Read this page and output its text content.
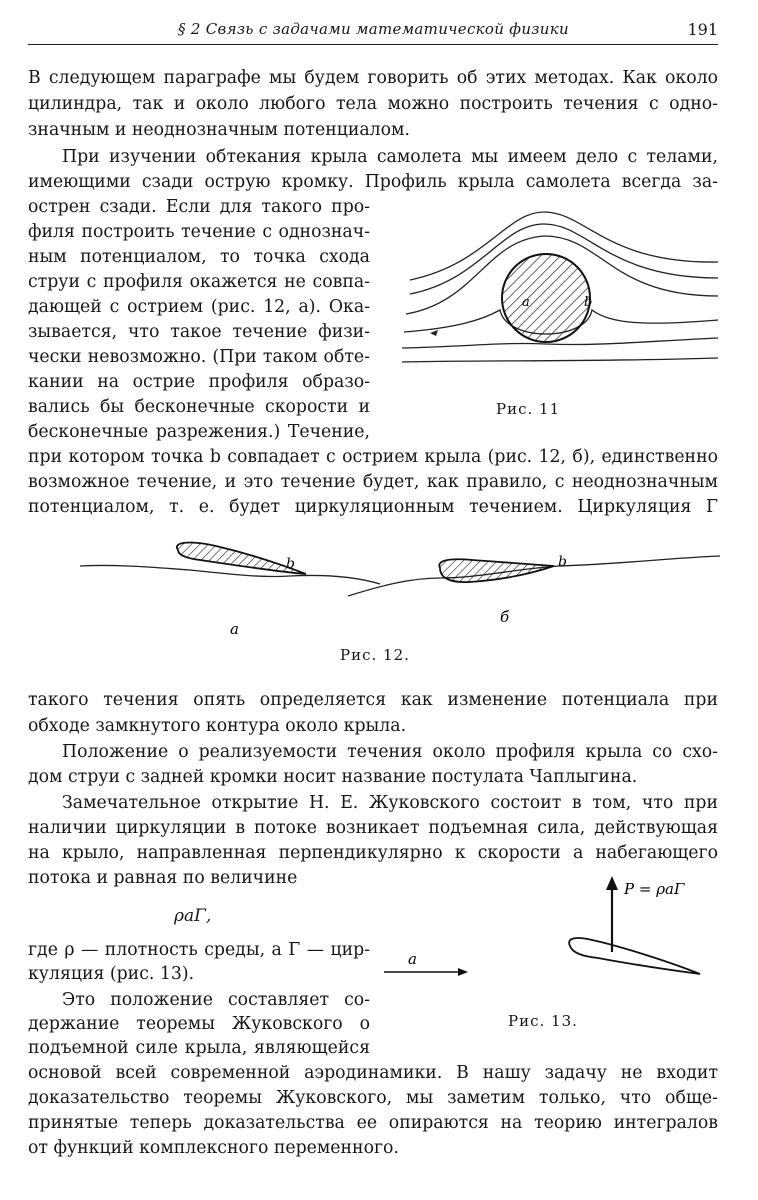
§ 2 Связь с задачами математической физики	191
В следующем параграфе мы будем говорить об этих методах. Как около
цилиндра, так и около любого тела можно построить течения с одно-
значным и неоднозначным потенциалом.
При изучении обтекания крыла самолета мы имеем дело с телами,
имеющими сзади острую кромку. Профиль крыла самолета всегда за-
острен сзади. Если для такого про-
филя построить течение с однознач-
ным потенциалом, то точка схода
струи с профиля окажется не совпа-
дающей с острием (рис. 12, a). Ока-
зывается, что такое течение физи-
чески невозможно. (При таком обте-
кании на острие профиля образо-
вались бы бесконечные скорости и
бесконечные разрежения.) Течение,
при котором точка b совпадает с острием крыла (рис. 12, б), единственно
возможное течение, и это течение будет, как правило, с неоднозначным
потенциалом, т. е. будет циркуляционным течением. Циркуляция Γ
a	b
Рис. 11
b	b
a
б
Рис. 12.
такого течения опять определяется как изменение потенциала при
обходе замкнутого контура около крыла.
Положение о реализуемости течения около профиля крыла со схо-
дом струи с задней кромки носит название постулата Чаплыгина.
Замечательное открытие Н. Е. Жуковского состоит в том, что при
наличии циркуляции в потоке возникает подъемная сила, действующая
на крыло, направленная перпендикулярно к скорости a набегающего
потока и равная по величине
ρaΓ,
где ρ — плотность среды, а Γ — цир-
куляция (рис. 13).
Это положение составляет со-
держание теоремы Жуковского о
подъемной силе крыла, являющейся
основой всей современной аэродинамики. В нашу задачу не входит
доказательство теоремы Жуковского, мы заметим только, что обще-
принятые теперь доказательства ее опираются на теорию интегралов
от функций комплексного переменного.
P = ρaΓ
a
Рис. 13.
